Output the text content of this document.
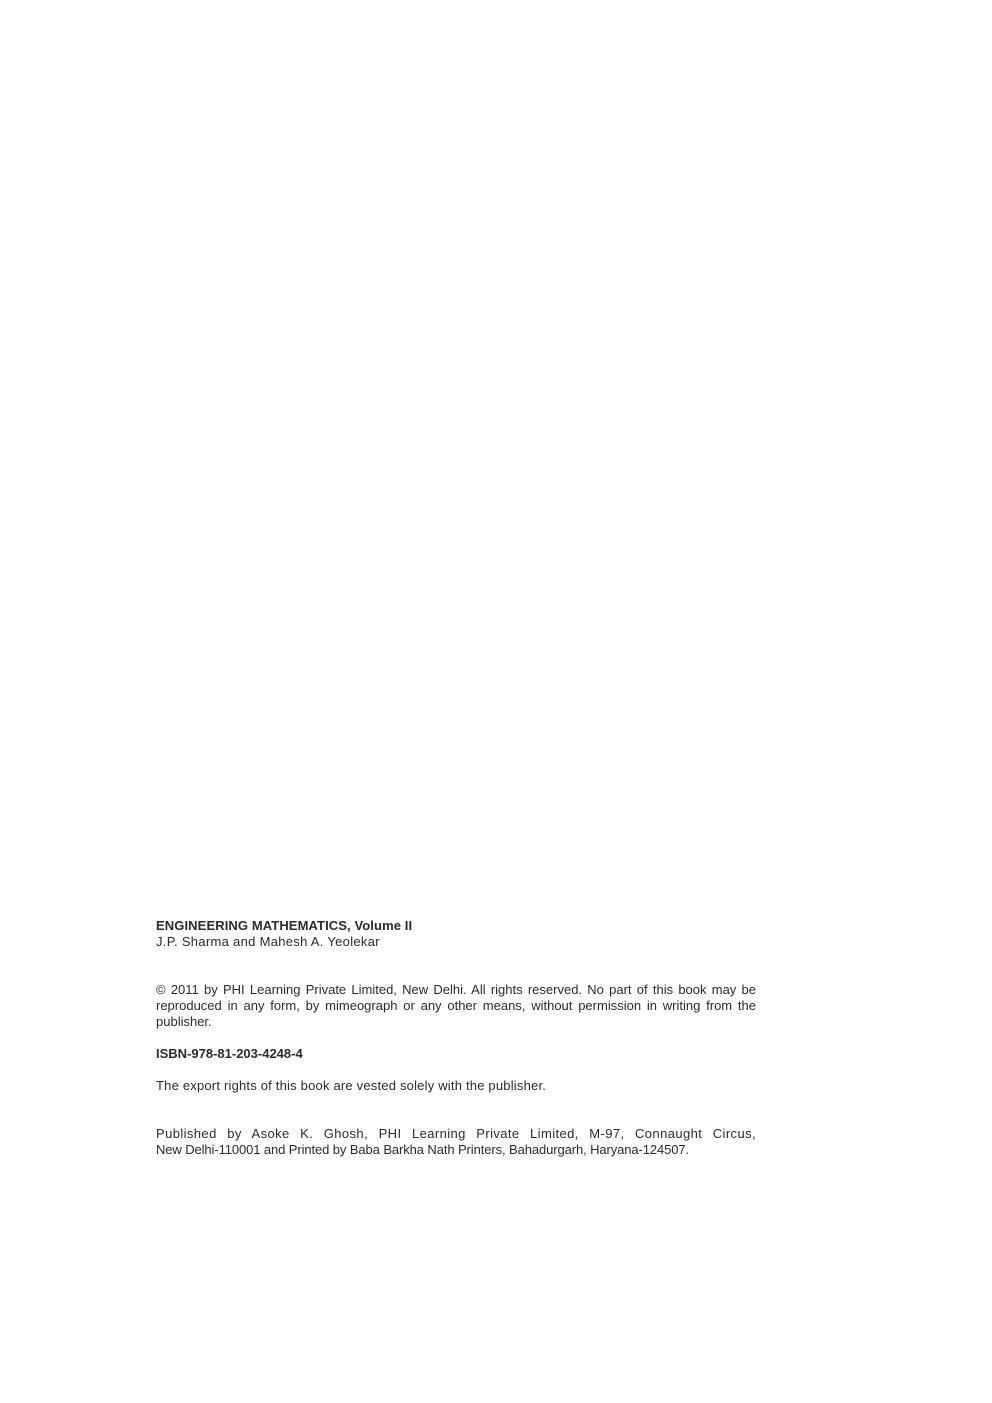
ENGINEERING MATHEMATICS, Volume II

J.P. Sharma and Mahesh A. Yeolekar

© 2011 by PHI Learning Private Limited, New Delhi. All rights reserved. No part of this book may be reproduced in any form, by mimeograph or any other means, without permission in writing from the publisher.

ISBN-978-81-203-4248-4

The export rights of this book are vested solely with the publisher.

Published by Asoke K. Ghosh, PHI Learning Private Limited, M-97, Connaught Circus,
New Delhi-110001 and Printed by Baba Barkha Nath Printers, Bahadurgarh, Haryana-124507.
